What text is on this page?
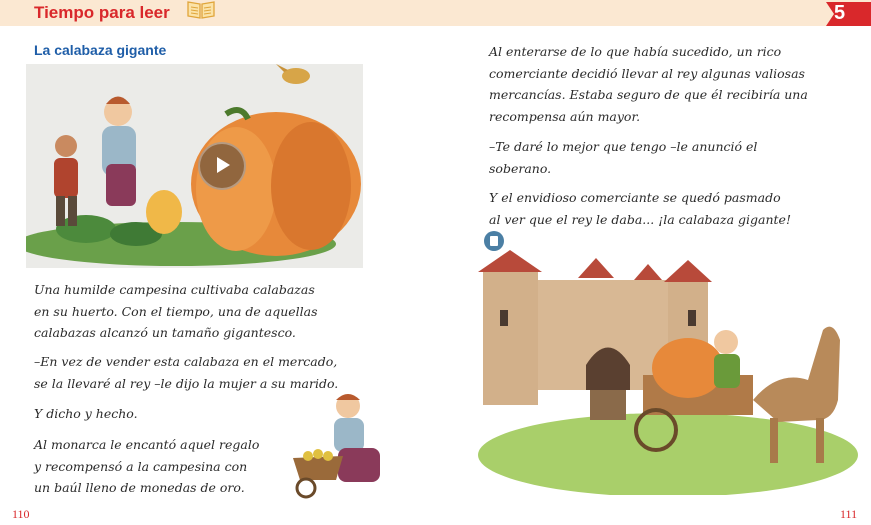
Tiempo para leer	5
La calabaza gigante

Una humilde campesina cultivaba calabazas
en su huerto. Con el tiempo, una de aquellas
calabazas alcanzó un tamaño gigantesco.

–En vez de vender esta calabaza en el mercado,
se la llevaré al rey –le dijo la mujer a su marido.

Y dicho y hecho.

Al monarca le encantó aquel regalo
y recompensó a la campesina con
un baúl lleno de monedas de oro.

110

Al enterarse de lo que había sucedido, un rico
comerciante decidió llevar al rey algunas valiosas
mercancías. Estaba seguro de que él recibiría una
recompensa aún mayor.

–Te daré lo mejor que tengo –le anunció el
soberano.

Y el envidioso comerciante se quedó pasmado
al ver que el rey le daba... ¡la calabaza gigante!

111
